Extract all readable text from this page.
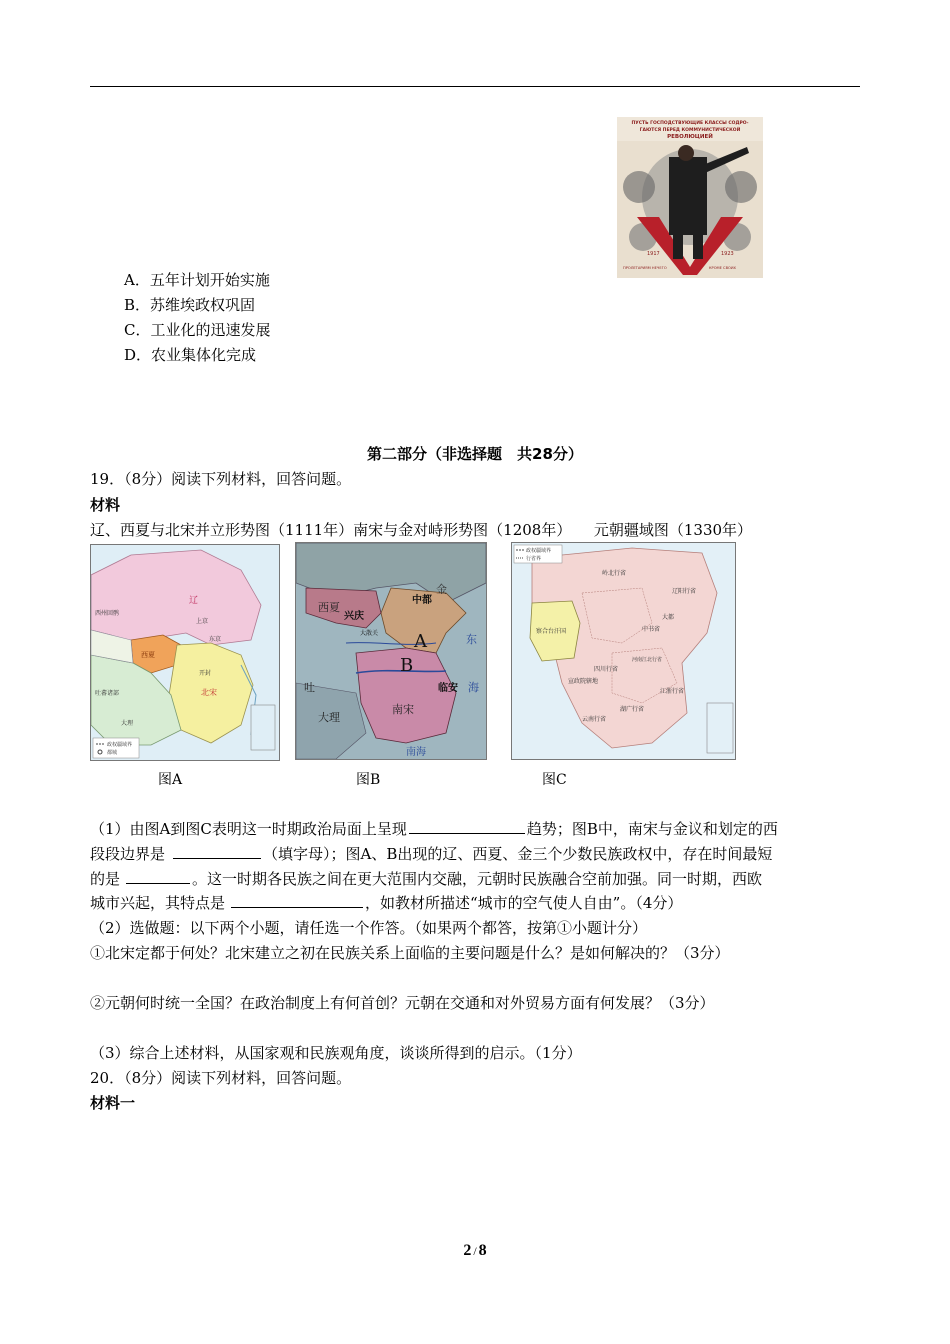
ПУСТЬ ГОСПОДСТВУЮЩИЕ КЛАССЫ СОДРО-
ГАЮТСЯ ПЕРЕД КОММУНИСТИЧЕСКОЙ
РЕВОЛЮЦИЕЙ
1917	1923
ПРОЛЕТАРИЯМ НЕЧЕГО	КРОМЕ СВОИХ
A．五年计划开始实施
B．苏维埃政权巩固
C．工业化的迅速发展
D．农业集体化完成
第二部分（非选择题　共28分）
19．（8分）阅读下列材料，回答问题。
材料
辽、西夏与北宋并立形势图（1111年）南宋与金对峙形势图（1208年）　　元朝疆域图（1330年）
辽
西夏
北宋
西州回鹘
吐蕃诸部
大理
上京
东京
开封
政权疆域界
都城
金
西夏
中都
兴庆
大散关 A
B
临安
东
海
大理
南宋
南海
吐
政权疆域界
行省界
岭北行省
辽阳行省
察合台汗国
宣政院辖地
中书省
河南江北行省
江浙行省
湖广行省
云南行省
四川行省
大都
图A	图B	图C
（1）由图A到图C表明这一时期政治局面上呈现	趋势；图B中，南宋与金议和划定的西
段段边界是	（填字母）；图A、B出现的辽、西夏、金三个少数民族政权中，存在时间最短
的是	。这一时期各民族之间在更大范围内交融，元朝时民族融合空前加强。同一时期，西欧
城市兴起，其特点是	，如教材所描述“城市的空气使人自由”。（4分）
（2）选做题：以下两个小题，请任选一个作答。（如果两个都答，按第①小题计分）
①北宋定都于何处？北宋建立之初在民族关系上面临的主要问题是什么？是如何解决的？（3分）
②元朝何时统一全国？在政治制度上有何首创？元朝在交通和对外贸易方面有何发展？（3分）
（3）综合上述材料，从国家观和民族观角度，谈谈所得到的启示。（1分）
20．（8分）阅读下列材料，回答问题。
材料一
2 / 8
